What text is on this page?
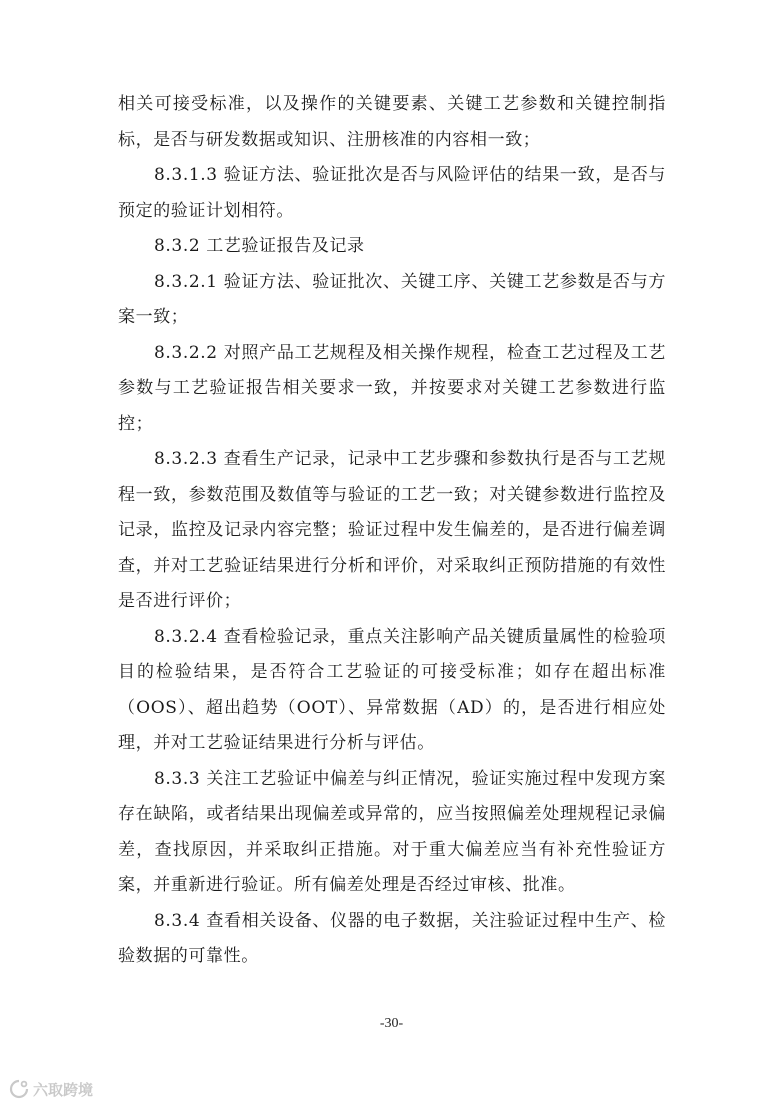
相关可接受标准，以及操作的关键要素、关键工艺参数和关键控制指标，是否与研发数据或知识、注册核准的内容相一致；

8.3.1.3 验证方法、验证批次是否与风险评估的结果一致，是否与预定的验证计划相符。

8.3.2 工艺验证报告及记录

8.3.2.1 验证方法、验证批次、关键工序、关键工艺参数是否与方案一致；

8.3.2.2 对照产品工艺规程及相关操作规程，检查工艺过程及工艺参数与工艺验证报告相关要求一致，并按要求对关键工艺参数进行监控；

8.3.2.3 查看生产记录，记录中工艺步骤和参数执行是否与工艺规程一致，参数范围及数值等与验证的工艺一致；对关键参数进行监控及记录，监控及记录内容完整；验证过程中发生偏差的，是否进行偏差调查，并对工艺验证结果进行分析和评价，对采取纠正预防措施的有效性是否进行评价；

8.3.2.4 查看检验记录，重点关注影响产品关键质量属性的检验项目的检验结果，是否符合工艺验证的可接受标准；如存在超出标准（OOS）、超出趋势（OOT）、异常数据（AD）的，是否进行相应处理，并对工艺验证结果进行分析与评估。

8.3.3 关注工艺验证中偏差与纠正情况，验证实施过程中发现方案存在缺陷，或者结果出现偏差或异常的，应当按照偏差处理规程记录偏差，查找原因，并采取纠正措施。对于重大偏差应当有补充性验证方案，并重新进行验证。所有偏差处理是否经过审核、批准。

8.3.4 查看相关设备、仪器的电子数据，关注验证过程中生产、检验数据的可靠性。

-30-
六取跨境
